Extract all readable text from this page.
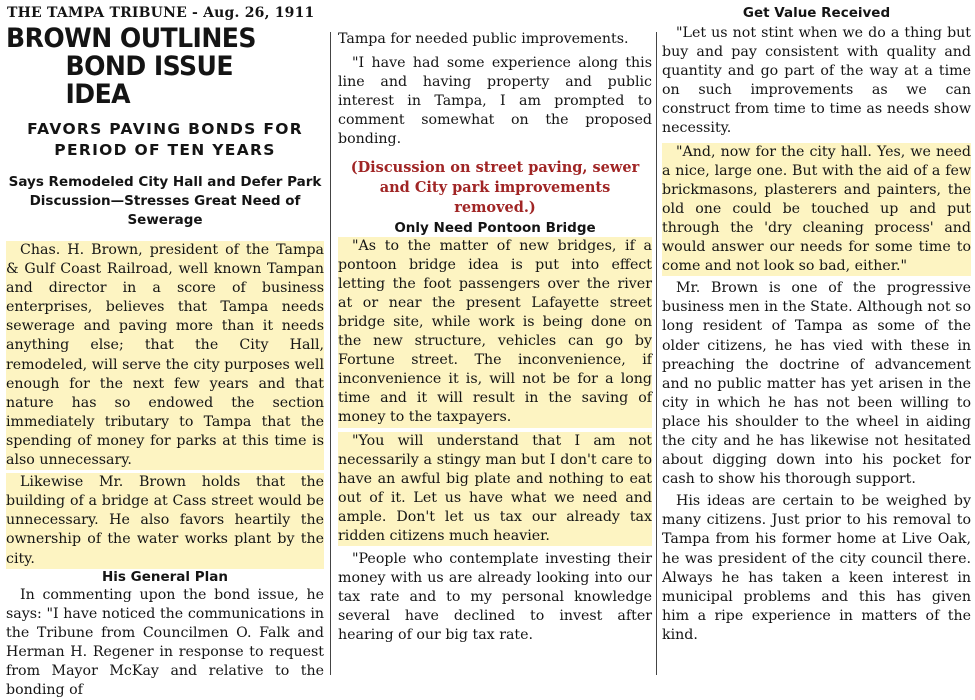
THE TAMPA TRIBUNE - Aug. 26, 1911
BROWN OUTLINES
BOND ISSUE IDEA
FAVORS PAVING BONDS FOR PERIOD OF TEN YEARS
Says Remodeled City Hall and Defer Park Discussion—Stresses Great Need of Sewerage

Chas. H. Brown, president of the Tampa & Gulf Coast Railroad, well known Tampan and director in a score of business enterprises, believes that Tampa needs sewerage and paving more than it needs anything else; that the City Hall, remodeled, will serve the city purposes well enough for the next few years and that nature has so endowed the section immediately tributary to Tampa that the spending of money for parks at this time is also unnecessary.

Likewise Mr. Brown holds that the building of a bridge at Cass street would be unnecessary. He also favors heartily the ownership of the water works plant by the city.

His General Plan

In commenting upon the bond issue, he says: "I have noticed the communications in the Tribune from Councilmen O. Falk and Herman H. Regener in response to request from Mayor McKay and relative to the bonding of

Tampa for needed public improvements.

"I have had some experience along this line and having property and public interest in Tampa, I am prompted to comment somewhat on the proposed bonding.

(Discussion on street paving, sewer and City park improvements removed.)
Only Need Pontoon Bridge

"As to the matter of new bridges, if a pontoon bridge idea is put into effect letting the foot passengers over the river at or near the present Lafayette street bridge site, while work is being done on the new structure, vehicles can go by Fortune street. The inconvenience, if inconvenience it is, will not be for a long time and it will result in the saving of money to the taxpayers.

"You will understand that I am not necessarily a stingy man but I don't care to have an awful big plate and nothing to eat out of it. Let us have what we need and ample. Don't let us tax our already tax ridden citizens much heavier.

"People who contemplate investing their money with us are already looking into our tax rate and to my personal knowledge several have declined to invest after hearing of our big tax rate.

Get Value Received

"Let us not stint when we do a thing but buy and pay consistent with quality and quantity and go part of the way at a time on such improvements as we can construct from time to time as needs show necessity.

"And, now for the city hall. Yes, we need a nice, large one. But with the aid of a few brickmasons, plasterers and painters, the old one could be touched up and put through the 'dry cleaning process' and would answer our needs for some time to come and not look so bad, either."

Mr. Brown is one of the progressive business men in the State. Although not so long resident of Tampa as some of the older citizens, he has vied with these in preaching the doctrine of advancement and no public matter has yet arisen in the city in which he has not been willing to place his shoulder to the wheel in aiding the city and he has likewise not hesitated about digging down into his pocket for cash to show his thorough support.

His ideas are certain to be weighed by many citizens. Just prior to his removal to Tampa from his former home at Live Oak, he was president of the city council there. Always he has taken a keen interest in municipal problems and this has given him a ripe experience in matters of the kind.
